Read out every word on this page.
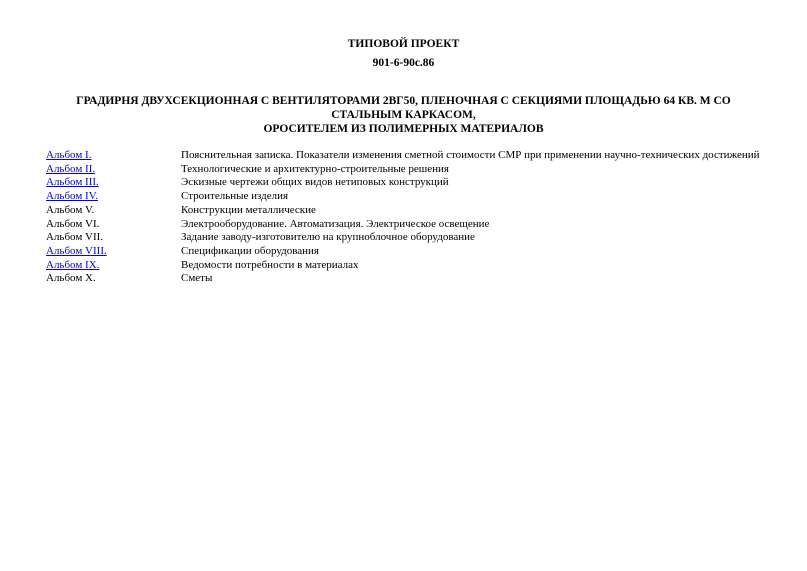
ТИПОВОЙ ПРОЕКТ
901-6-90с.86
ГРАДИРНЯ ДВУХСЕКЦИОННАЯ С ВЕНТИЛЯТОРАМИ 2ВГ50, ПЛЕНОЧНАЯ С СЕКЦИЯМИ ПЛОЩАДЬЮ 64 КВ. М СО СТАЛЬНЫМ КАРКАСОМ,
ОРОСИТЕЛЕМ ИЗ ПОЛИМЕРНЫХ МАТЕРИАЛОВ
Альбом I.	Пояснительная записка. Показатели изменения сметной стоимости СМР при применении научно-технических достижений
Альбом II.	Технологические и архитектурно-строительные решения
Альбом III.	Эскизные чертежи общих видов нетиповых конструкций
Альбом IV.	Строительные изделия
Альбом V.	Конструкции металлические
Альбом VI.	Электрооборудование. Автоматизация. Электрическое освещение
Альбом VII.	Задание заводу-изготовителю на крупноблочное оборудование
Альбом VIII.	Спецификации оборудования
Альбом IX.	Ведомости потребности в материалах
Альбом X.	Сметы
